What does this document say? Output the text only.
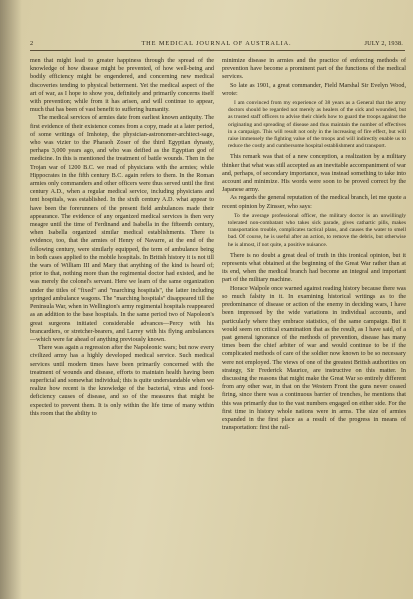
2	THE MEDICAL JOURNAL OF AUSTRALIA.	JULY 2, 1938.

men that might lead to greater happiness through the spread of the knowledge of how disease might be prevented, of how well-being and bodily efficiency might be engendered, and concerning new medical discoveries tending to physical betterment. Yet the medical aspect of the art of war, as I hope to show you, definitely and primarily concerns itself with prevention; while from it has arisen, and will continue to appear, much that has been of vast benefit to suffering humanity.

The medical services of armies date from earliest known antiquity. The first evidence of their existence comes from a copy, made at a later period, of some writings of Imhotep, the physician-astronomer-architect-sage, who was vizier to the Pharaoh Zoser of the third Egyptian dynasty, perhaps 3,000 years ago, and who was deified as the Egyptian god of medicine. In this is mentioned the treatment of battle wounds. Then in the Trojan war of 1200 B.C. we read of physicians with the armies; while Hippocrates in the fifth century B.C. again refers to them. In the Roman armies only commanders and other officers were thus served until the first century A.D., when a regular medical service, including physicians and tent hospitals, was established. In the sixth century A.D. what appear to have been the forerunners of the present field ambulances made their appearance. The evidence of any organized medical services is then very meagre until the time of Ferdinand and Isabella in the fifteenth century, when Isabella organized similar medical establishments. There is evidence, too, that the armies of Henry of Navarre, at the end of the following century, were similarly equipped, the term of ambulance being in both cases applied to the mobile hospitals. In British history it is not till the wars of William III and Mary that anything of the kind is heard of; prior to that, nothing more than the regimental doctor had existed, and he was merely the colonel's servant. Here we learn of the same organization under the titles of "fixed" and "marching hospitals", the latter including springed ambulance wagons. The "marching hospitals" disappeared till the Peninsula War, when in Wellington's army regimental hospitals reappeared as an addition to the base hospitals. In the same period two of Napoleon's great surgeons initiated considerable advances—Percy with his brancardiers, or stretcher-bearers, and Larrey with his flying ambulances—which were far ahead of anything previously known.

There was again a regression after the Napoleonic wars; but now every civilized army has a highly developed medical service. Such medical services until modern times have been primarily concerned with the treatment of wounds and disease, efforts to maintain health having been superficial and somewhat individual; this is quite understandable when we realize how recent is the knowledge of the bacterial, virus and food-deficiency causes of disease, and so of the measures that might be expected to prevent them. It is only within the life time of many within this room that the ability to

minimize disease in armies and the practice of enforcing methods of prevention have become a prominent part of the functions of the medical services.

So late as 1901, a great commander, Field Marshal Sir Evelyn Wood, wrote:

I am convinced from my experience of 38 years as a General that the army doctors should be regarded not merely as healers of the sick and wounded, but as trusted staff officers to advise their chiefs how to guard the troops against the originating and spreading of disease and thus maintain the number of effectives in a campaign. This will result not only in the increasing of fire effect, but will raise immensely the fighting value of the troops and will indirectly enable us to reduce the costly and cumbersome hospital establishment and transport.

This remark was that of a new conception, a realization by a military thinker that what was still accepted as an inevitable accompaniment of war and, perhaps, of secondary importance, was instead something to take into account and minimize. His words were soon to be proved correct by the Japanese army.

As regards the general reputation of the medical branch, let me quote a recent opinion by Zinsser, who says:

To the average professional officer, the military doctor is an unwillingly tolerated non-combatant who takes sick parade, gives cathartic pills, makes transportation trouble, complicates tactical plans, and causes the water to smell bad. Of course, he is useful after an action, to remove the debris, but otherwise he is almost, if not quite, a positive nuisance.

There is no doubt a great deal of truth in this ironical opinion, but it represents what obtained at the beginning of the Great War rather than at its end, when the medical branch had become an integral and important part of the military machine.

Horace Walpole once warned against reading history because there was so much falsity in it. In examining historical writings as to the predominance of disease or action of the enemy in deciding wars, I have been impressed by the wide variations in individual accounts, and particularly where they embrace statistics, of the same campaign. But it would seem on critical examination that as the result, as I have said, of a past general ignorance of the methods of prevention, disease has many times been the chief arbiter of war and would continue to be if the complicated methods of care of the soldier now known to be so necessary were not employed. The views of one of the greatest British authorities on strategy, Sir Frederick Maurice, are instructive on this matter. In discussing the reasons that might make the Great War so entirely different from any other war, in that on the Western Front the guns never ceased firing, since there was a continuous barrier of trenches, he mentions that this was primarily due to the vast numbers engaged on either side. For the first time in history whole nations were in arms. The size of armies expanded in the first place as a result of the progress in means of transportation: first the rail-
